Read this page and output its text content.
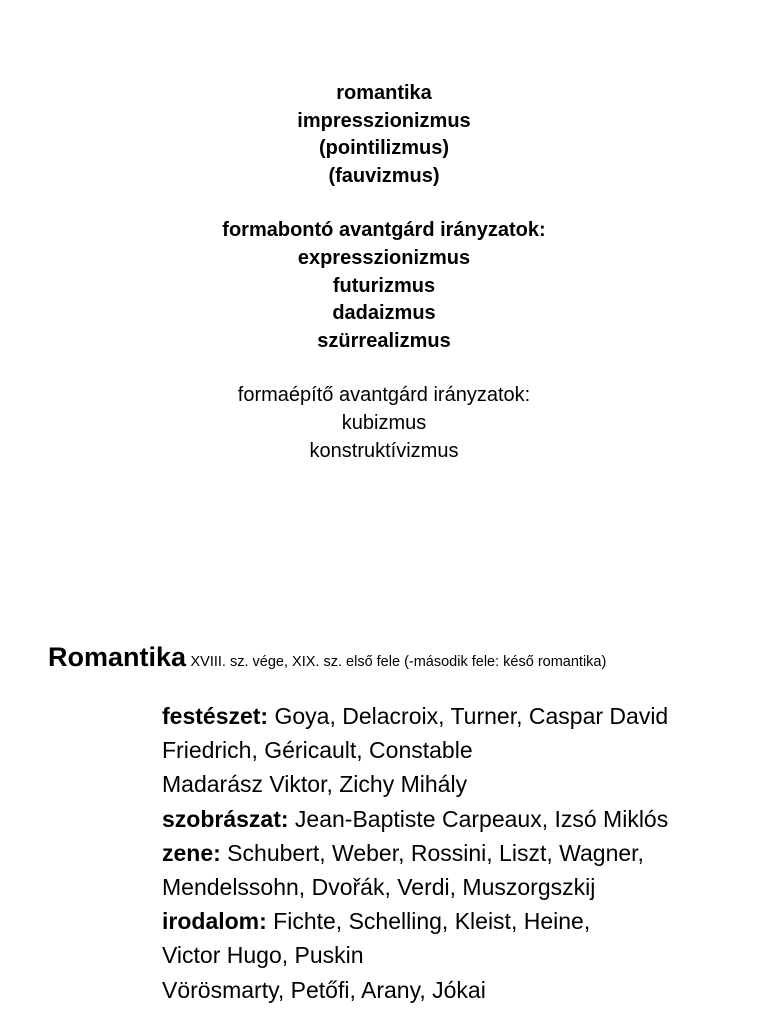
romantika
impresszionizmus
(pointilizmus)
(fauvizmus)
formabontó avantgárd irányzatok:
expresszionizmus
futurizmus
dadaizmus
szürrealizmus
formaépítő avantgárd irányzatok:
kubizmus
konstruktívizmus
Romantika XVIII. sz. vége, XIX. sz. első fele (-második fele: késő romantika)
festészet: Goya, Delacroix, Turner, Caspar David
Friedrich, Géricault, Constable
Madarász Viktor, Zichy Mihály
szobrászat: Jean-Baptiste Carpeaux, Izsó Miklós
zene: Schubert, Weber, Rossini, Liszt, Wagner,
Mendelssohn, Dvořák, Verdi, Muszorgszkij
irodalom: Fichte, Schelling, Kleist, Heine,
Victor Hugo, Puskin
Vörösmarty, Petőfi, Arany, Jókai
